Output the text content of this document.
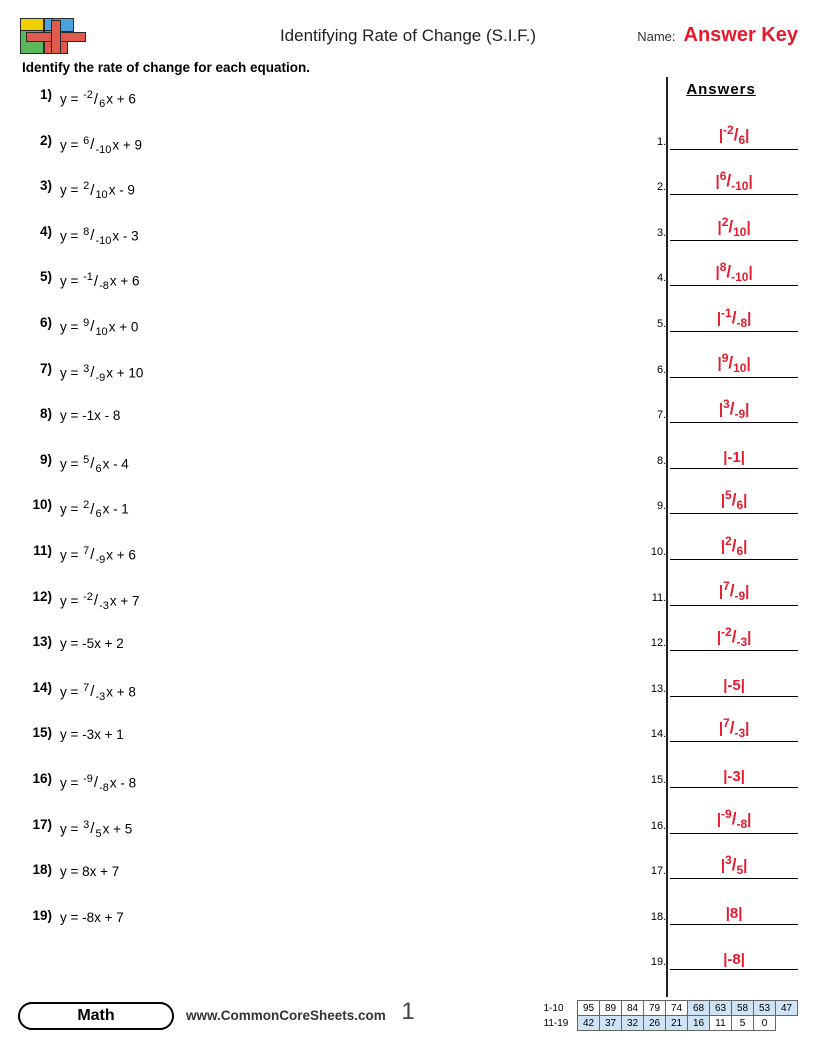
Identifying Rate of Change (S.I.F.)	Name: Answer Key
Identify the rate of change for each equation.
1) $y = ^{-2}/_6x + 6$
2) $y = ^6/_{-10}x + 9$
3) $y = ^2/_{10}x - 9$
4) $y = ^8/_{-10}x - 3$
5) $y = ^{-1}/_{-8}x + 6$
6) $y = ^9/_{10}x + 0$
7) $y = ^3/_{-9}x + 10$
8) y = -1x - 8
9) $y = ^5/_6x - 4$
10) $y = ^2/_6x - 1$
11) $y = ^7/_{-9}x + 6$
12) $y = ^{-2}/_{-3}x + 7$
13) y = -5x + 2
14) $y = ^7/_{-3}x + 8$
15) y = -3x + 1
16) $y = ^{-9}/_{-8}x - 8$
17) $y = ^3/_5x + 5$
18) y = 8x + 7
19) y = -8x + 7
Answers
1.	$|^{-2}/_6|$
2.	$|^6/_{-10}|$
3.	$|^2/_{10}|$
4.	$|^8/_{-10}|$
5.	$|^{-1}/_{-8}|$
6.	$|^9/_{10}|$
7.	$|^3/_{-9}|$
8.	|-1|
9.	$|^5/_6|$
10.	$|^2/_6|$
11.	$|^7/_{-9}|$
12.	$|^{-2}/_{-3}|$
13.	|-5|
14.	$|^7/_{-3}|$
15.	|-3|
16.	$|^{-9}/_{-8}|$
17.	$|^3/_5|$
18.	|8|
19.	|-8|
Math	www.CommonCoreSheets.com 1	1-10	95	89	84	79	74	68	63	58	53	47
11-19	42	37	32	26	21	16	11	5	0	
